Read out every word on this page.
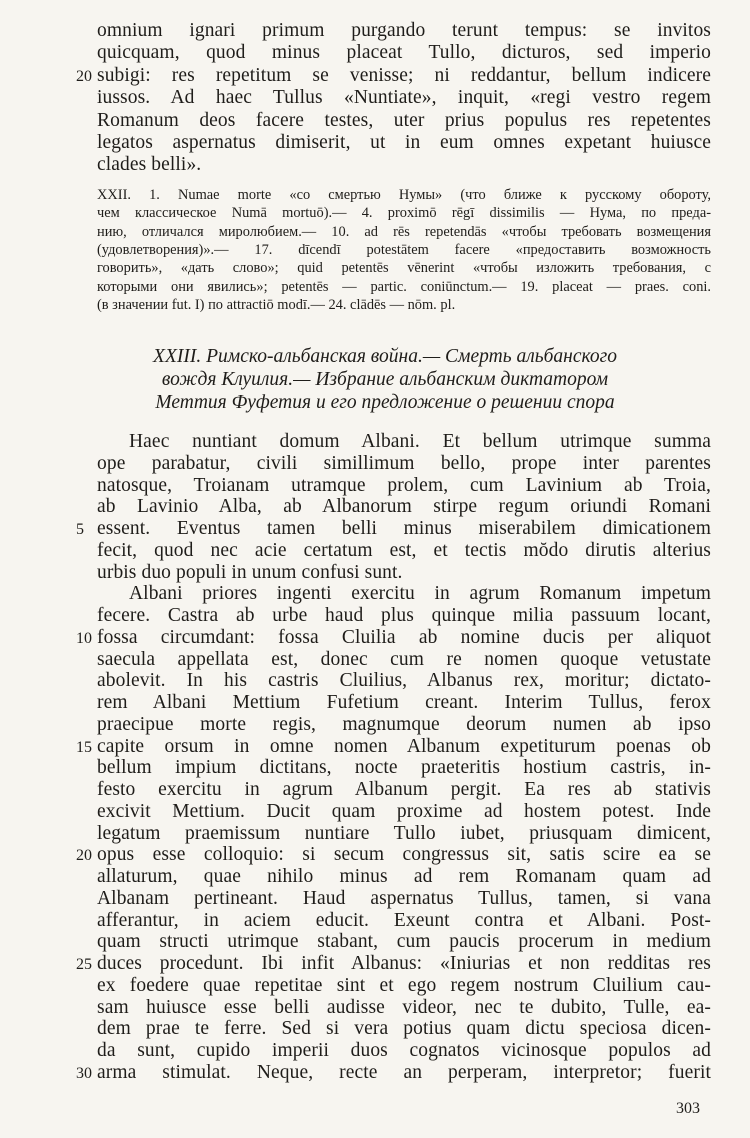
omnium ignari primum purgando terunt tempus: se invitos
quicquam, quod minus placeat Tullo, dicturos, sed imperio
subigi: res repetitum se venisse; ni reddantur, bellum indicere
20
iussos. Ad haec Tullus «Nuntiate», inquit, «regi vestro regem
Romanum deos facere testes, uter prius populus res repetentes
legatos aspernatus dimiserit, ut in eum omnes expetant huiusce
clades belli».
XXII. 1. Numae morte «со смертью Нумы» (что ближе к русскому обороту,
чем классическое Numā mortuō).— 4. proximō rēgī dissimilis — Нума, по преда-
нию, отличался миролюбием.— 10. ad rēs repetendās «чтобы требовать возмещения
(удовлетворения)».— 17. dīcendī potestātem facere «предоставить возможность
говорить», «дать слово»; quid petentēs vēnerint «чтобы изложить требования, с
которыми они явились»; petentēs — partic. coniūnctum.— 19. placeat — praes. coni.
(в значении fut. I) по attractiō modī.— 24. clādēs — nōm. pl.
XXIII. Римско-альбанская война.— Смерть альбанского
вождя Клуилия.— Избрание альбанским диктатором
Меттия Фуфетия и его предложение о решении спора
Haec nuntiant domum Albani. Et bellum utrimque summa
ope parabatur, civili simillimum bello, prope inter parentes
natosque, Troianam utramque prolem, cum Lavinium ab Troia,
ab Lavinio Alba, ab Albanorum stirpe regum oriundi Romani
essent. Eventus tamen belli minus miserabilem dimicationem
5
fecit, quod nec acie certatum est, et tectis mŏdo dirutis alterius
urbis duo populi in unum confusi sunt.
Albani priores ingenti exercitu in agrum Romanum impetum
fecere. Castra ab urbe haud plus quinque milia passuum locant,
fossa circumdant: fossa Cluilia ab nomine ducis per aliquot
10
saecula appellata est, donec cum re nomen quoque vetustate
abolevit. In his castris Cluilius, Albanus rex, moritur; dictato-
rem Albani Mettium Fufetium creant. Interim Tullus, ferox
praecipue morte regis, magnumque deorum numen ab ipso
capite orsum in omne nomen Albanum expetiturum poenas ob
15
bellum impium dictitans, nocte praeteritis hostium castris, in-
festo exercitu in agrum Albanum pergit. Ea res ab stativis
excivit Mettium. Ducit quam proxime ad hostem potest. Inde
legatum praemissum nuntiare Tullo iubet, priusquam dimicent,
opus esse colloquio: si secum congressus sit, satis scire ea se
20
allaturum, quae nihilo minus ad rem Romanam quam ad
Albanam pertineant. Haud aspernatus Tullus, tamen, si vana
afferantur, in aciem educit. Exeunt contra et Albani. Post-
quam structi utrimque stabant, cum paucis procerum in medium
duces procedunt. Ibi infit Albanus: «Iniurias et non redditas res
25
ex foedere quae repetitae sint et ego regem nostrum Cluilium cau-
sam huiusce esse belli audisse videor, nec te dubito, Tulle, ea-
dem prae te ferre. Sed si vera potius quam dictu speciosa dicen-
da sunt, cupido imperii duos cognatos vicinosque populos ad
arma stimulat. Neque, recte an perperam, interpretor; fuerit
30
303
